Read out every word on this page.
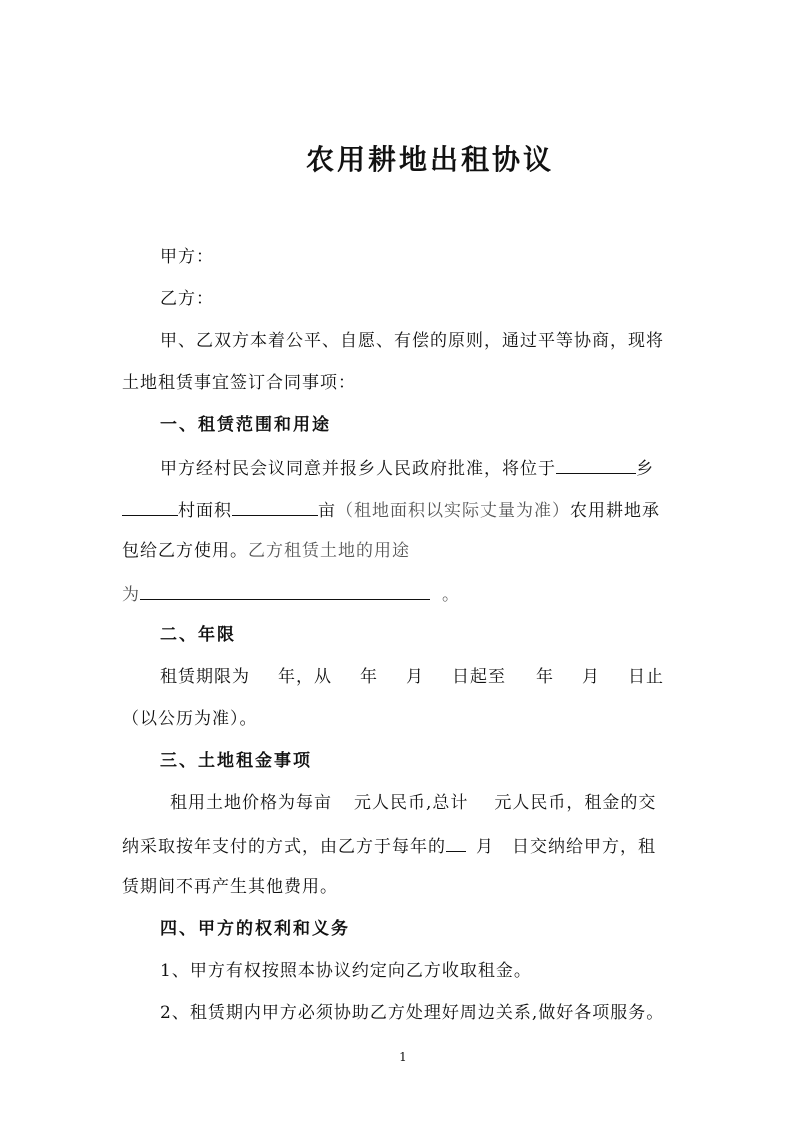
农用耕地出租协议
甲方：
乙方：
甲、乙双方本着公平、自愿、有偿的原则，通过平等协商，现将
土地租赁事宜签订合同事项：
一、租赁范围和用途
甲方经村民会议同意并报乡人民政府批准，将位于	乡
村面积	亩（租地面积以实际丈量为准）农用耕地承
包给乙方使用。乙方租赁土地的用途
为	。
二、年限
租赁期限为 年，从 年 月 日起至 年 月 日止
（以公历为准）。
三、土地租金事项
租用土地价格为每亩 元人民币,总计 元人民币，租金的交
纳采取按年支付的方式，由乙方于每年的 月 日交纳给甲方，租
赁期间不再产生其他费用。
四、甲方的权利和义务
1、甲方有权按照本协议约定向乙方收取租金。
2、租赁期内甲方必须协助乙方处理好周边关系,做好各项服务。
1
